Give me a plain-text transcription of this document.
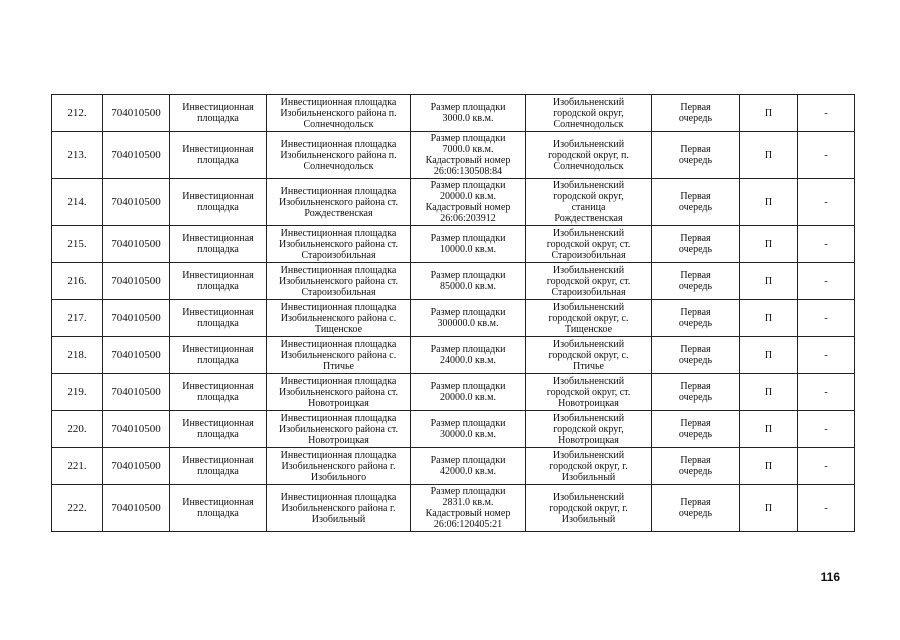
212.	704010500	Инвестиционная
площадка	Инвестиционная площадка
Изобильненского района п.
Солнечнодольск	Размер площадки
3000.0 кв.м.	Изобильненский
городской округ,
Солнечнодольск	Первая
очередь	П	-
213.	704010500	Инвестиционная
площадка	Инвестиционная площадка
Изобильненского района п.
Солнечнодольск	Размер площадки
7000.0 кв.м.
Кадастровый номер
26:06:130508:84	Изобильненский
городской округ, п.
Солнечнодольск	Первая
очередь	П	-
214.	704010500	Инвестиционная
площадка	Инвестиционная площадка
Изобильненского района ст.
Рождественская	Размер площадки
20000.0 кв.м.
Кадастровый номер
26:06:203912	Изобильненский
городской округ,
станица
Рождественская	Первая
очередь	П	-
215.	704010500	Инвестиционная
площадка	Инвестиционная площадка
Изобильненского района ст.
Староизобильная	Размер площадки
10000.0 кв.м.	Изобильненский
городской округ, ст.
Староизобильная	Первая
очередь	П	-
216.	704010500	Инвестиционная
площадка	Инвестиционная площадка
Изобильненского района ст.
Староизобильная	Размер площадки
85000.0 кв.м.	Изобильненский
городской округ, ст.
Староизобильная	Первая
очередь	П	-
217.	704010500	Инвестиционная
площадка	Инвестиционная площадка
Изобильненского района с.
Тищенское	Размер площадки
300000.0 кв.м.	Изобильненский
городской округ, с.
Тищенское	Первая
очередь	П	-
218.	704010500	Инвестиционная
площадка	Инвестиционная площадка
Изобильненского района с.
Птичье	Размер площадки
24000.0 кв.м.	Изобильненский
городской округ, с.
Птичье	Первая
очередь	П	-
219.	704010500	Инвестиционная
площадка	Инвестиционная площадка
Изобильненского района ст.
Новотроицкая	Размер площадки
20000.0 кв.м.	Изобильненский
городской округ, ст.
Новотроицкая	Первая
очередь	П	-
220.	704010500	Инвестиционная
площадка	Инвестиционная площадка
Изобильненского района ст.
Новотроицкая	Размер площадки
30000.0 кв.м.	Изобильненский
городской округ,
Новотроицкая	Первая
очередь	П	-
221.	704010500	Инвестиционная
площадка	Инвестиционная площадка
Изобильненского района г.
Изобильного	Размер площадки
42000.0 кв.м.	Изобильненский
городской округ, г.
Изобильный	Первая
очередь	П	-
222.	704010500	Инвестиционная
площадка	Инвестиционная площадка
Изобильненского района г.
Изобильный	Размер площадки
2831.0 кв.м.
Кадастровый номер
26:06:120405:21	Изобильненский
городской округ, г.
Изобильный	Первая
очередь	П	-
116
